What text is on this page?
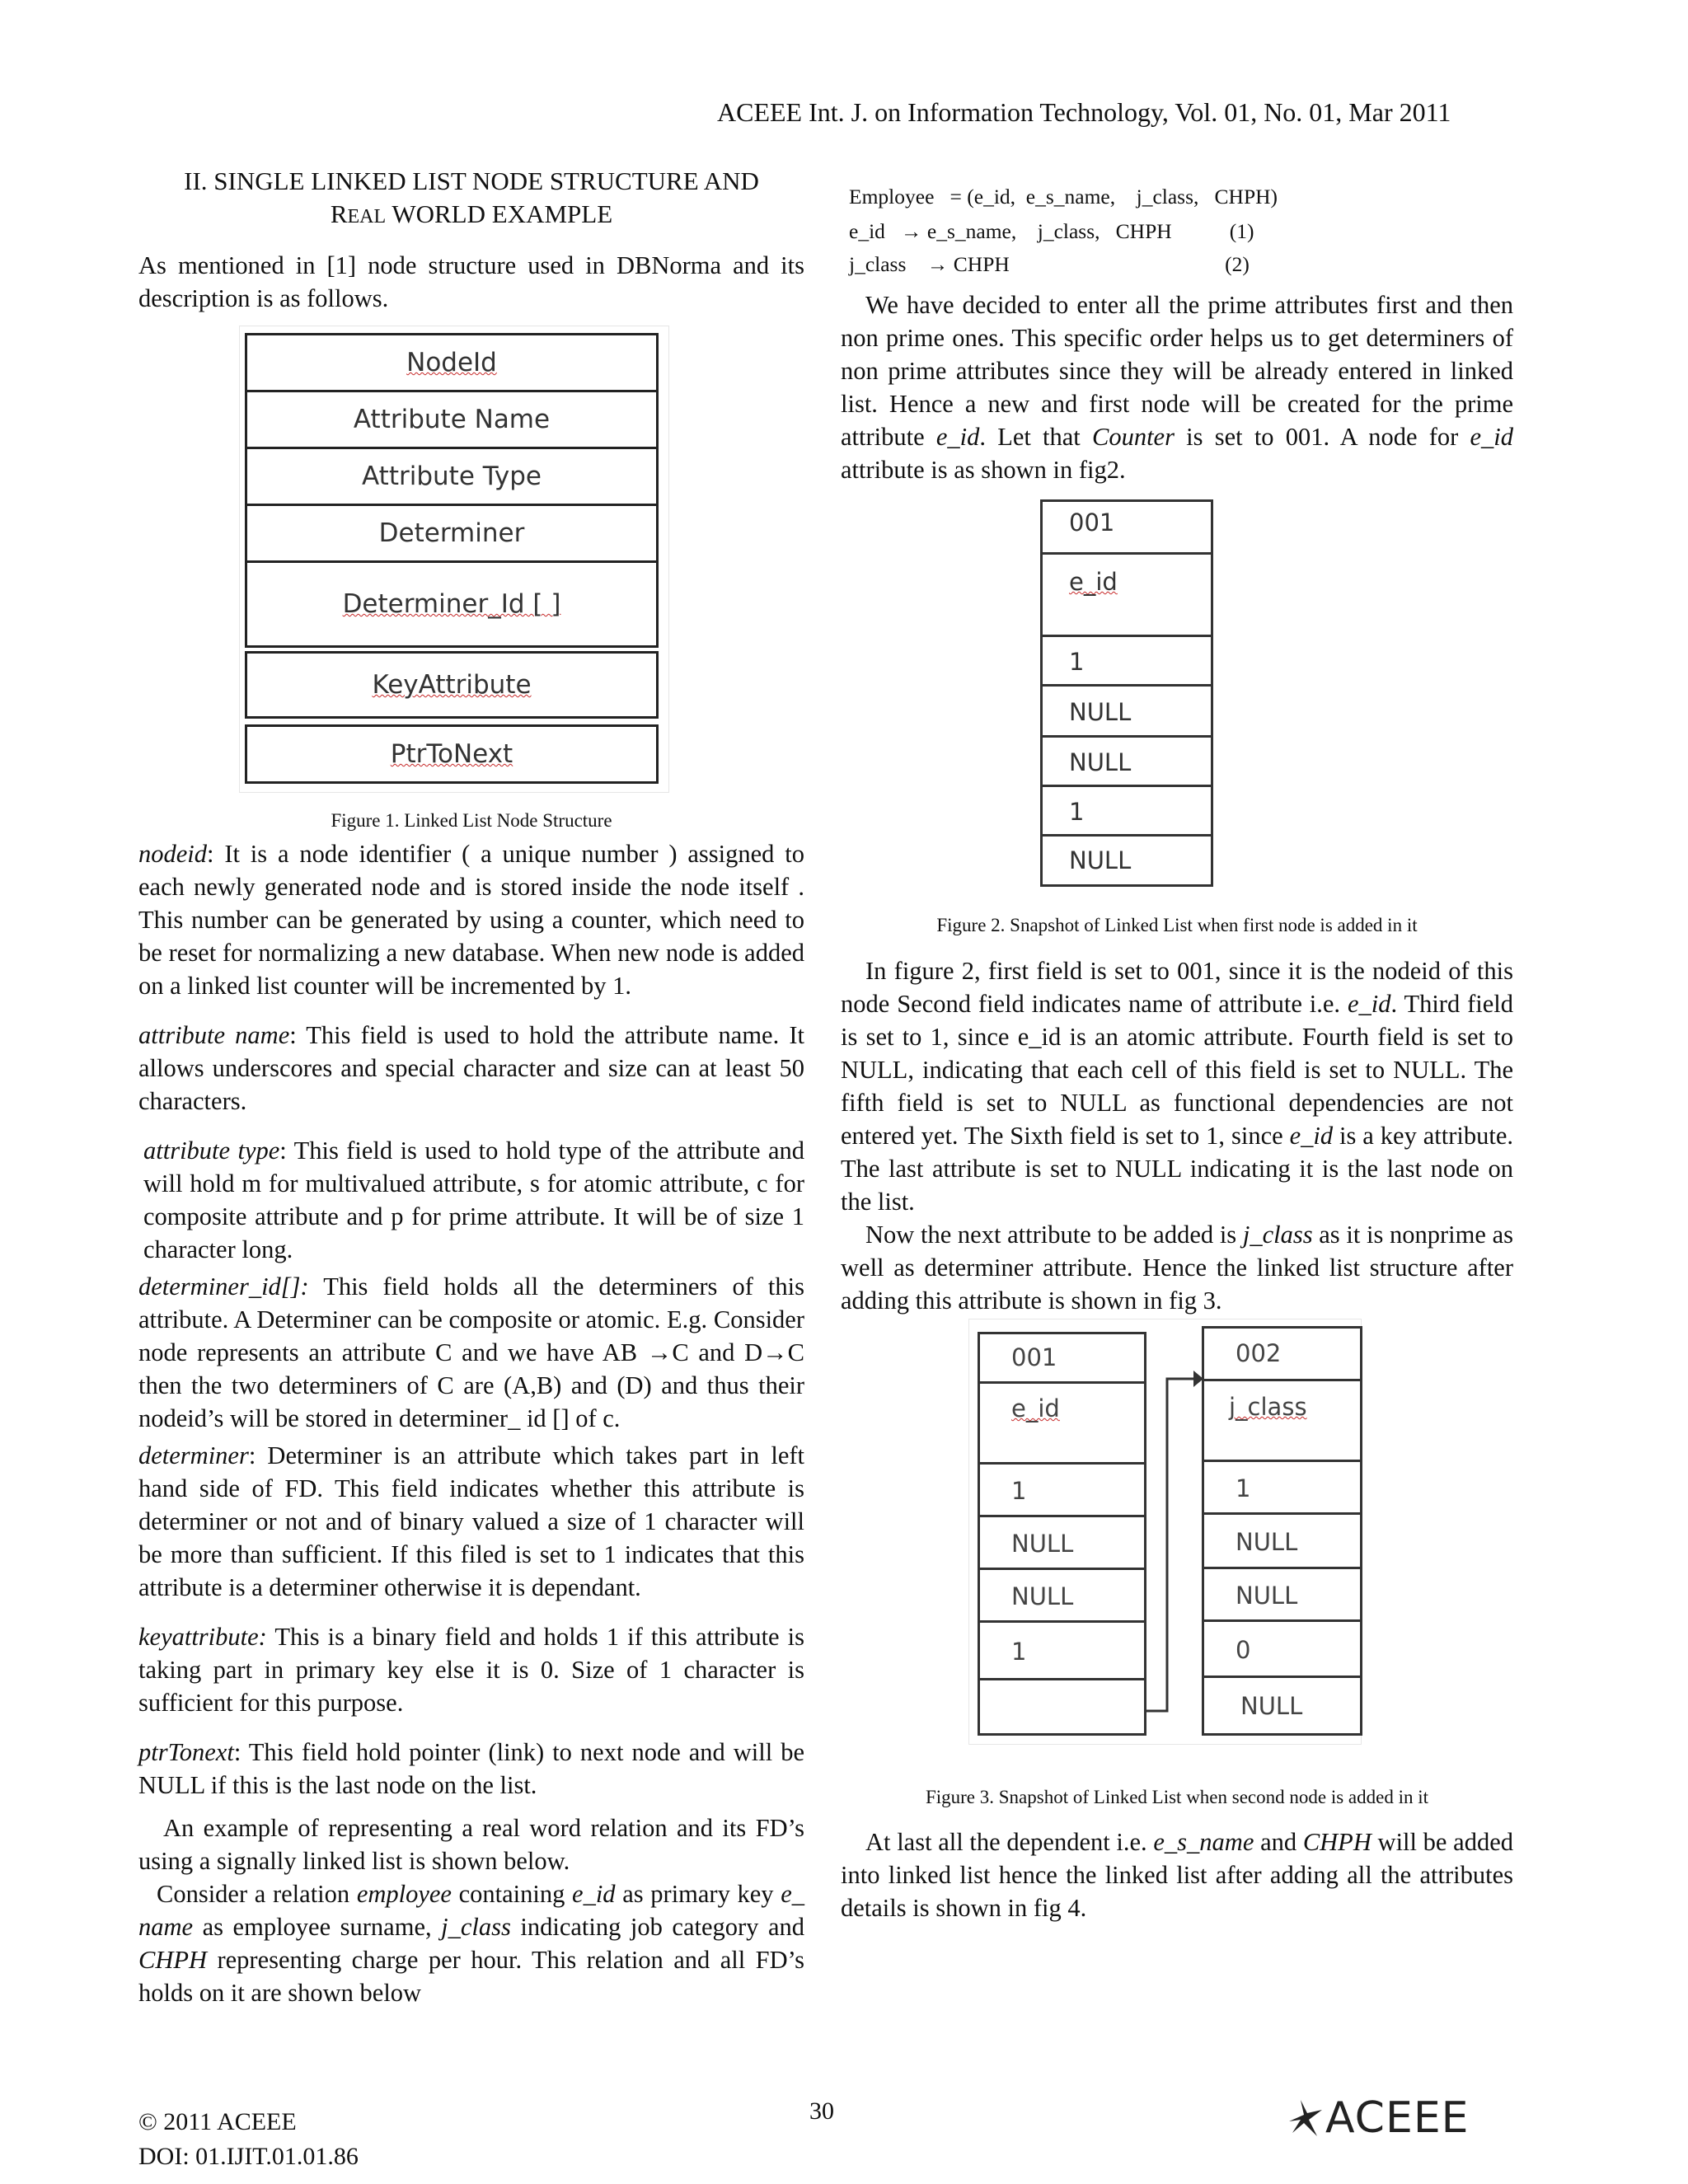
ACEEE Int. J. on Information Technology, Vol. 01, No. 01, Mar 2011
II. SINGLE LINKED LIST NODE STRUCTURE AND
REAL WORLD EXAMPLE

As mentioned in [1] node structure used in DBNorma and its description is as follows.

NodeId
Attribute Name
Attribute Type
Determiner
Determiner_Id [ ]
KeyAttribute
PtrToNext
Figure 1. Linked List Node Structure

nodeid: It is a node identifier ( a unique number ) assigned to each newly generated node and is stored inside the node itself . This number can be generated by using a counter, which need to be reset for normalizing a new database. When new node is added on a linked list counter will be incremented by 1.

attribute name: This field is used to hold the attribute name. It allows underscores and special character and size can at least 50 characters.

attribute type: This field is used to hold type of the attribute and will hold m for multivalued attribute, s for atomic attribute, c for composite attribute and p for prime attribute. It will be of size 1 character long.

determiner_id[]: This field holds all the determiners of this attribute. A Determiner can be composite or atomic. E.g. Consider node represents an attribute C and we have AB →C and D→C then the two determiners of C are (A,B) and (D) and thus their nodeid’s will be stored in determiner_ id [] of c.

determiner: Determiner is an attribute which takes part in left hand side of FD. This field indicates whether this attribute is determiner or not and of binary valued a size of 1 character will be more than sufficient. If this filed is set to 1 indicates that this attribute is a determiner otherwise it is dependant.

keyattribute: This is a binary field and holds 1 if this attribute is taking part in primary key else it is 0. Size of 1 character is sufficient for this purpose.

ptrTonext: This field hold pointer (link) to next node and will be NULL if this is the last node on the list.

An example of representing a real word relation and its FD’s using a signally linked list is shown below.

Consider a relation employee containing e_id as primary key e_ name as employee surname, j_class indicating job category and CHPH representing charge per hour. This relation and all FD’s holds on it are shown below

Employee   = (e_id,  e_s_name,    j_class,   CHPH)
e_id   → e_s_name,    j_class,   CHPH           (1)
j_class    → CHPH                                         (2)

We have decided to enter all the prime attributes first and then non prime ones. This specific order helps us to get determiners of non prime attributes since they will be already entered in linked list. Hence a new and first node will be created for the prime attribute e_id. Let that Counter is set to 001. A node for e_id attribute is as shown in fig2.

001
e_id
1
NULL
NULL
1
NULL
Figure 2. Snapshot of Linked List when first node is added in it

In figure 2, first field is set to 001, since it is the nodeid of this node Second field indicates name of attribute i.e. e_id. Third field is set to 1, since e_id is an atomic attribute. Fourth field is set to NULL, indicating that each cell of this field is set to NULL. The fifth field is set to NULL as functional dependencies are not entered yet. The Sixth field is set to 1, since e_id is a key attribute. The last attribute is set to NULL indicating it is the last node on the list.

Now the next attribute to be added is j_class as it is nonprime as well as determiner attribute. Hence the linked list structure after adding this attribute is shown in fig 3.

001
e_id
1
NULL
NULL
1
002
j_class
1
NULL
NULL
0
NULL
Figure 3. Snapshot of Linked List when second node is added in it

At last all the dependent i.e. e_s_name and CHPH will be added into linked list hence the linked list after adding all the attributes details is shown in fig 4.

© 2011 ACEEE
DOI: 01.IJIT.01.01.86
30	ACEEE
